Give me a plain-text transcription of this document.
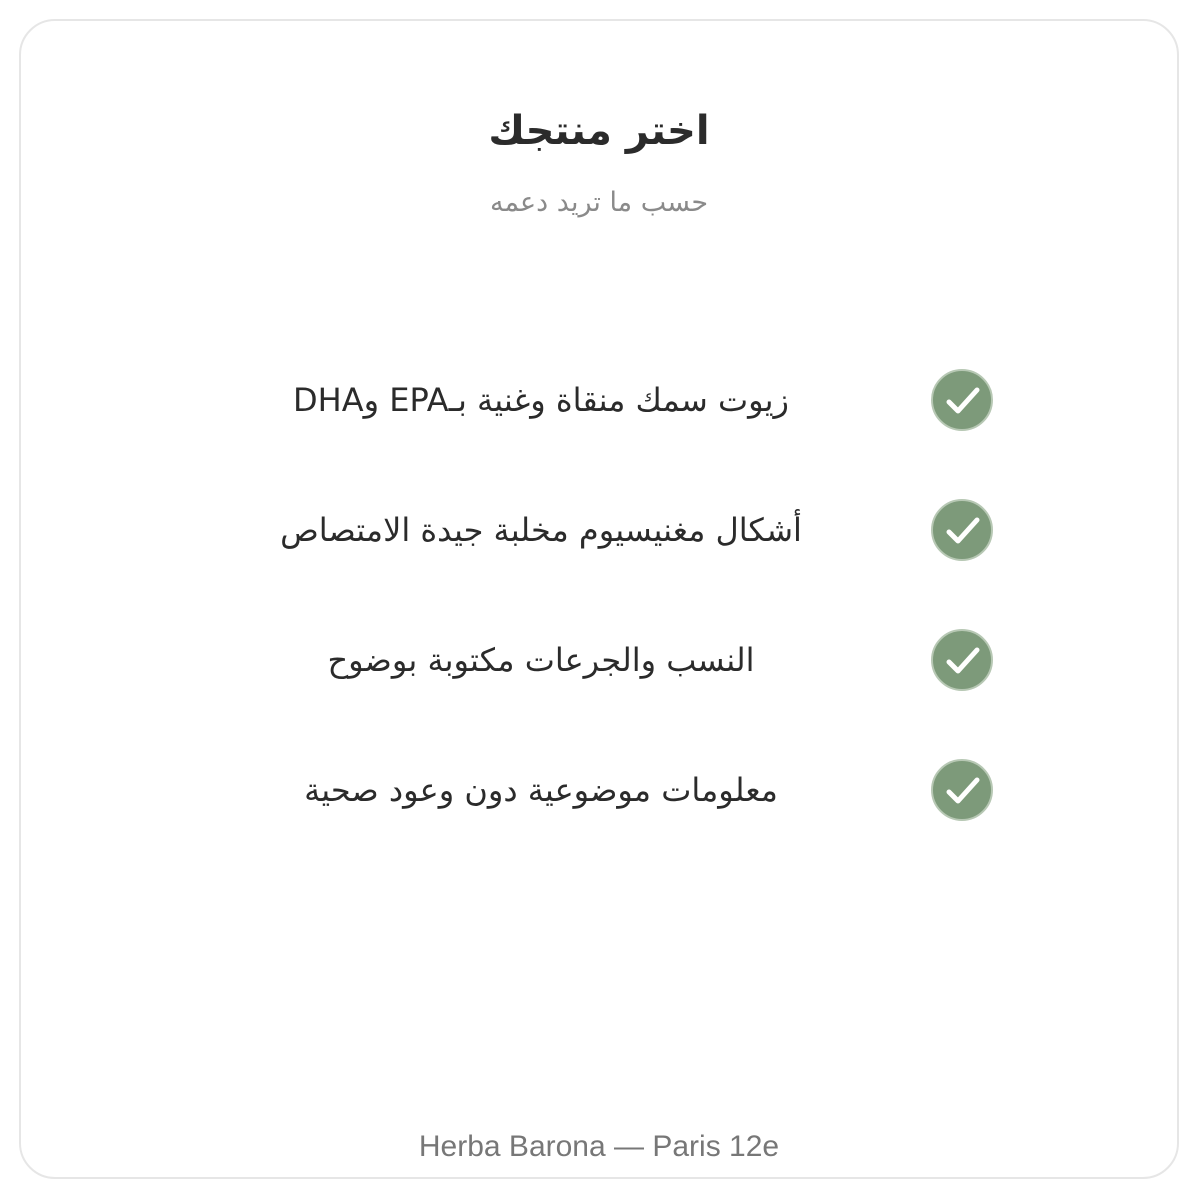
اختر منتجك
حسب ما تريد دعمه
زيوت سمك منقاة وغنية بـEPA وDHA
أشكال مغنيسيوم مخلبة جيدة الامتصاص
النسب والجرعات مكتوبة بوضوح
معلومات موضوعية دون وعود صحية
Herba Barona — Paris 12e
